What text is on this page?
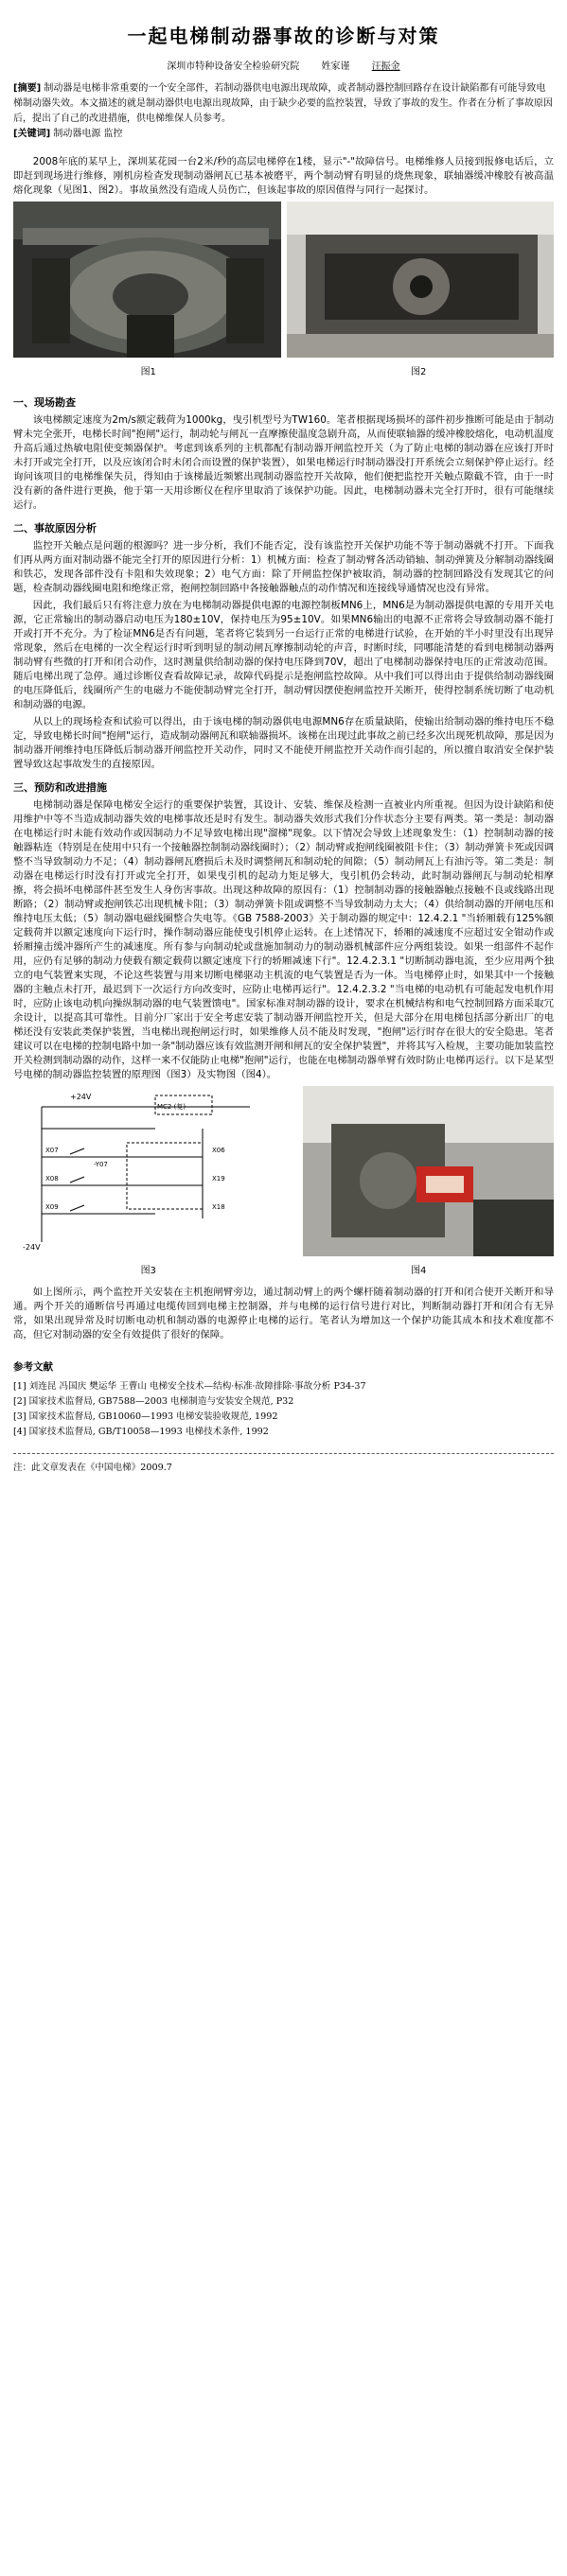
一起电梯制动器事故的诊断与对策
深圳市特种设备安全检验研究院 姓家谨 汪振金
[摘要] 制动器是电梯非常重要的一个安全部件，若制动器供电电源出现故障，或者制动器控制回路存在设计缺陷都有可能导致电梯制动器失效。本文描述的就是制动器供电电源出现故障，由于缺少必要的监控装置，导致了事故的发生。作者在分析了事故原因后，提出了自己的改进措施，供电梯维保人员参考。
[关键词] 制动器电源 监控

2008年底的某早上，深圳某花园一台2米/秒的高层电梯停在1楼，显示"-"故障信号。电梯维修人员接到报修电话后，立即赶到现场进行维修，刚机房检查发现制动器闸瓦已基本被磨平，两个制动臂有明显的烧焦现象，联轴器缓冲橡胶有被高温熔化现象（见图1、图2）。事故虽然没有造成人员伤亡，但该起事故的原因值得与同行一起探讨。

图1	图2
一、现场勘查

该电梯额定速度为2m/s额定载荷为1000kg，曳引机型号为TW160。笔者根据现场损坏的部件初步推断可能是由于制动臂未完全张开，电梯长时间"抱闸"运行，制动轮与闸瓦一直摩擦使温度急剧升高，从而使联轴器的缓冲橡胶熔化，电动机温度升高后通过热敏电阻使变频器保护。考虑到该系列的主机都配有制动器开闸监控开关（为了防止电梯的制动器在应该打开时未打开或完全打开，以及应该闭合时未闭合而设置的保护装置），如果电梯运行时制动器没打开系统会立刻保护停止运行。经询问该项目的电梯维保失员，得知由于该梯最近频繁出现制动器监控开关故障，他们便把监控开关触点隙截不管，由于一时没有新的备件进行更换，他于第一天用诊断仪在程序里取消了该保护功能。因此，电梯制动器未完全打开时，很有可能继续运行。

二、事故原因分析

监控开关触点是问题的根源吗？进一步分析，我们不能否定，没有该监控开关保护功能不等于制动器就不打开。下面我们再从两方面对制动器不能完全打开的原因进行分析：1）机械方面：检查了制动臂各活动销轴、制动弹簧及分解制动器线圈和铁芯，发现各部件没有卡阻和失效现象；2）电气方面：除了开闸监控保护被取消，制动器的控制回路没有发现其它的问题，检查制动器线圈电阻和绝缘正常，抱闸控制回路中各接触器触点的动作情况和连接线导通情况也没有异常。

因此，我们最后只有将注意力放在为电梯制动器提供电源的电源控制板MN6上，MN6是为制动器提供电源的专用开关电源，它正常输出的制动器启动电压为180±10V，保持电压为95±10V。如果MN6输出的电源不正常将会导致制动器不能打开或打开不充分。为了检证MN6是否有问题，笔者将它装到另一台运行正常的电梯进行试验，在开始的半小时里没有出现异常现象，然后在电梯的一次全程运行时听到明显的制动闸瓦摩擦制动轮的声音，时断时续，同哪能清楚的看到电梯制动器两制动臂有些微的打开和闭合动作，这时测量供给制动器的保持电压降到70V，超出了电梯制动器保持电压的正常波动范围。随后电梯出现了急停。通过诊断仪查看故障记录，故障代码提示是抱闸监控故障。从中我们可以得出由于提供给制动器线圈的电压降低后，线圈所产生的电磁力不能使制动臂完全打开，制动臂因摆使抱闸监控开关断开，使得控制系统切断了电动机和制动器的电源。

从以上的现场检查和试验可以得出，由于该电梯的制动器供电电源MN6存在质量缺陷，使输出给制动器的维持电压不稳定，导致电梯长时间"抱闸"运行，造成制动器闸瓦和联轴器损坏。该梯在出现过此事故之前已经多次出现死机故障，那是因为制动器开闸维持电压降低后制动器开闸监控开关动作，同时又不能使开闸监控开关动作而引起的，所以擅自取消安全保护装置导致这起事故发生的直接原因。

三、预防和改进措施

电梯制动器是保障电梯安全运行的重要保护装置，其设计、安装、维保及检测一直被业内所重视。但因为设计缺陷和使用维护中等不当造成制动器失效的电梯事故还是时有发生。制动器失效形式我们分作状态分主要有两类。第一类是：制动器在电梯运行时未能有效动作或因制动力不足导致电梯出现"溜梯"现象。以下情况会导致上述现象发生：（1）控制制动器的接触器粘连（特别是在使用中只有一个接触器控制制动器线圈时）；（2）制动臂或抱闸线圈被阻卡住；（3）制动弹簧卡死或因调整不当导致制动力不足；（4）制动器闸瓦磨损后未及时调整闸瓦和制动轮的间隙；（5）制动闸瓦上有油污等。第二类是：制动器在电梯运行时没有打开或完全打开，如果曳引机的起动力矩足够大，曳引机仍会转动，此时制动器闸瓦与制动轮相摩擦，将会损坏电梯部件甚至发生人身伤害事故。出现这种故障的原因有：（1）控制制动器的接触器触点接触不良或线路出现断路；（2）制动臂或抱闸铁芯出现机械卡阻；（3）制动弹簧卡阻或调整不当导致制动力太大；（4）供给制动器的开闸电压和维持电压太低；（5）制动器电磁线圈整合失电等。《GB 7588-2003》关于制动器的规定中：12.4.2.1 "当轿厢载有125%额定载荷并以额定速度向下运行时，操作制动器应能使曳引机停止运转。在上述情况下，轿厢的减速度不应超过安全钳动作或轿厢撞击缓冲器所产生的减速度。所有参与向制动轮或盘施加制动力的制动器机械部件应分两组装设。如果一组部件不起作用，应仍有足够的制动力使载有额定载荷以额定速度下行的轿厢减速下行"。12.4.2.3.1 "切断制动器电流，至少应用两个独立的电气装置来实现，不论这些装置与用来切断电梯驱动主机流的电气装置是否为一体。当电梯停止时，如果其中一个接触器的主触点未打开，最迟到下一次运行方向改变时，应防止电梯再运行"。12.4.2.3.2 "当电梯的电动机有可能起发电机作用时，应防止该电动机向操纵制动器的电气装置馈电"。国家标准对制动器的设计，要求在机械结构和电气控制回路方面采取冗余设计，以提高其可靠性。目前分厂家出于安全考虑安装了制动器开闸监控开关，但是大部分在用电梯包括部分新出厂的电梯还没有安装此类保护装置，当电梯出现抱闸运行时，如果维修人员不能及时发现，"抱闸"运行时存在很大的安全隐患。笔者建议可以在电梯的控制电路中加一条"制动器应该有效监测开闸和闸瓦的安全保护装置"，并将其写入检规，主要功能加装监控开关检测到制动器的动作，这样一来不仅能防止电梯"抱闸"运行，也能在电梯制动器单臂有效时防止电梯再运行。以下是某型号电梯的制动器监控装置的原理图（图3）及实物图（图4）。

+24V
MC2 (复)
-24V
X07
X08
X09
-Y07
X06
X19
X18
图3	图4

如上图所示，两个监控开关安装在主机抱闸臂旁边，通过制动臂上的两个螺杆随着制动器的打开和闭合使开关断开和导通。两个开关的通断信号再通过电缆传回到电梯主控制器，并与电梯的运行信号进行对比，判断制动器打开和闭合有无异常，如果出现异常及时切断电动机和制动器的电源停止电梯的运行。笔者认为增加这一个保护功能其成本和技术难度都不高，但它对制动器的安全有效提供了很好的保障。

参考文献
[1] 刘连昆 冯国庆 樊运华 王曹山 电梯安全技术—结构·标准·故障排除·事故分析 P34-37
[2] 国家技术监督局, GB7588—2003 电梯制造与安装安全规范, P32
[3] 国家技术监督局, GB10060—1993 电梯安装验收规范, 1992
[4] 国家技术监督局, GB/T10058—1993 电梯技术条件, 1992
注：此文章发表在《中国电梯》2009.7
